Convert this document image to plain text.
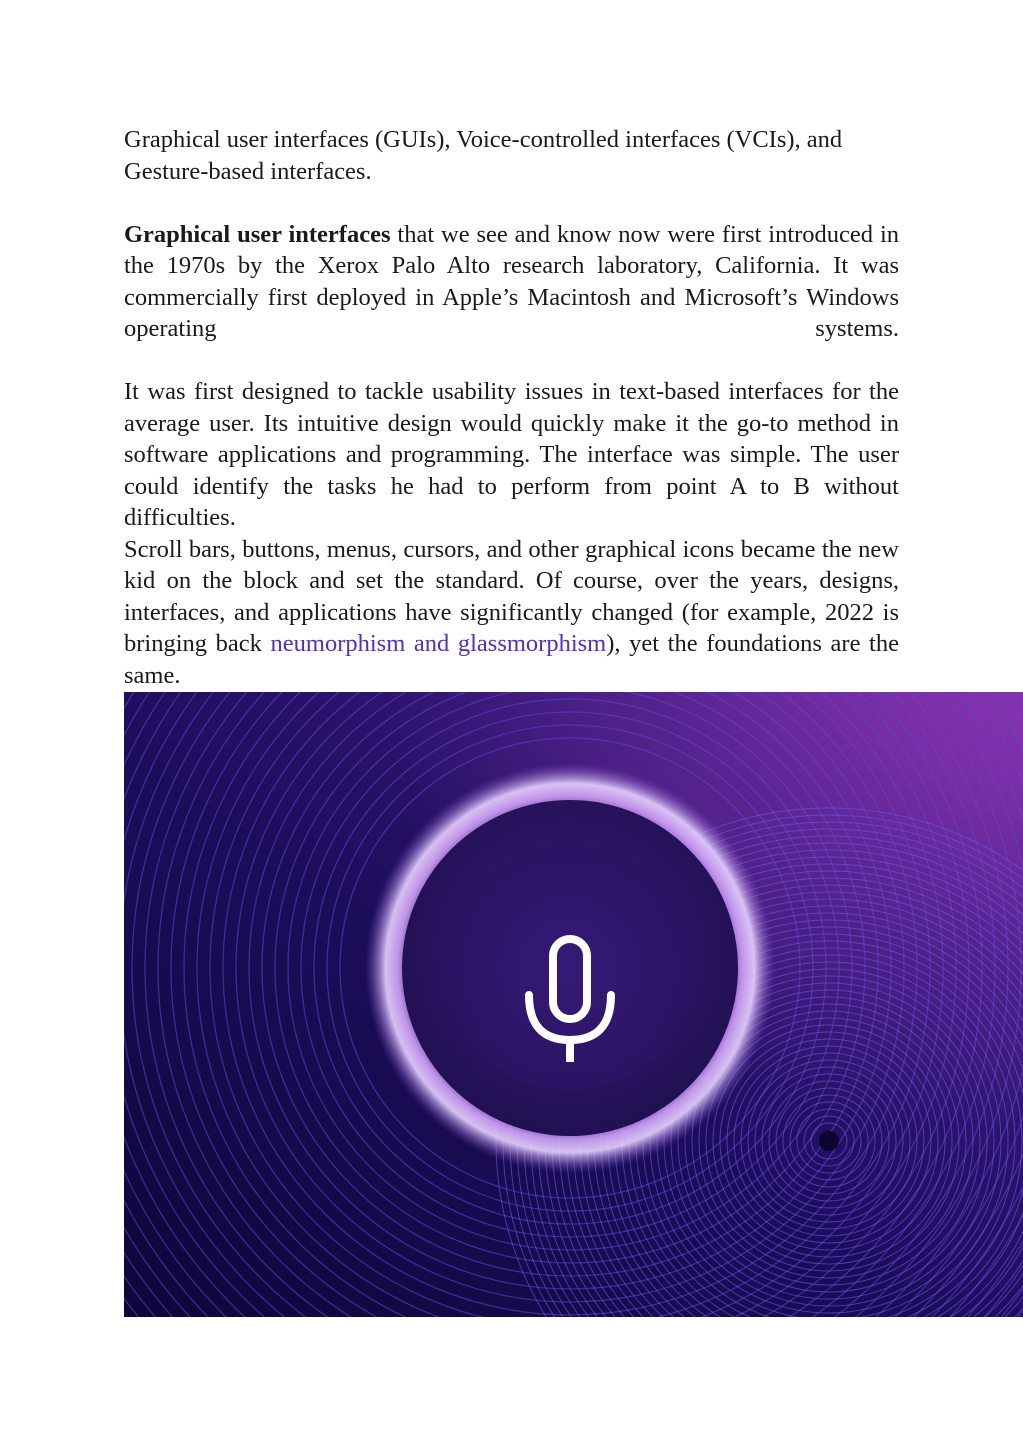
Graphical user interfaces (GUIs), Voice-controlled interfaces (VCIs), and Gesture-based interfaces.

Graphical user interfaces that we see and know now were first introduced in the 1970s by the Xerox Palo Alto research laboratory, California. It was commercially first deployed in Apple’s Macintosh and Microsoft’s Windows operating systems.

It was first designed to tackle usability issues in text-based interfaces for the average user. Its intuitive design would quickly make it the go-to method in software applications and programming. The interface was simple. The user could identify the tasks he had to perform from point A to B without difficulties.

Scroll bars, buttons, menus, cursors, and other graphical icons became the new kid on the block and set the standard. Of course, over the years, designs, interfaces, and applications have significantly changed (for example, 2022 is bringing back neumorphism and glassmorphism), yet the foundations are the same.
